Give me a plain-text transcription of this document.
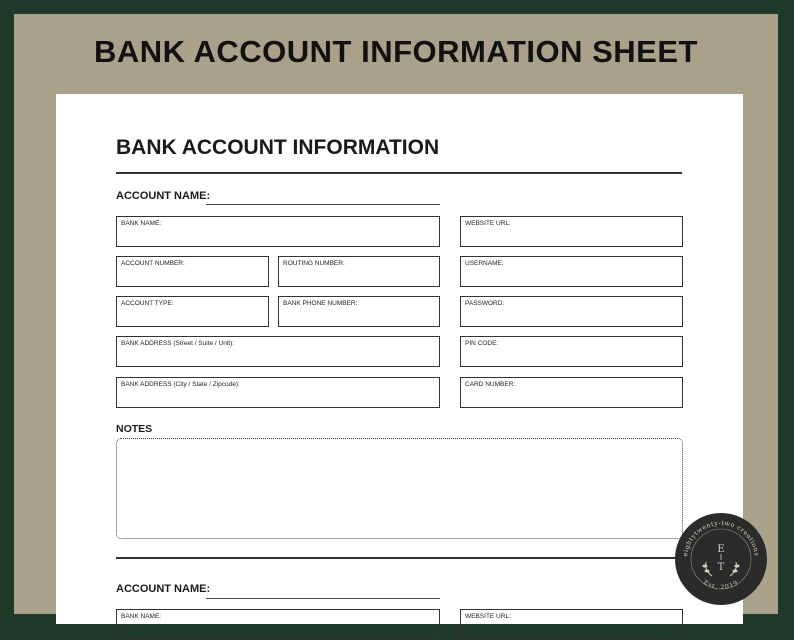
BANK ACCOUNT INFORMATION SHEET
BANK ACCOUNT INFORMATION
ACCOUNT NAME:
BANK NAME:	WEBSITE URL:
ACCOUNT NUMBER:	ROUTING NUMBER:	USERNAME:
ACCOUNT TYPE:	BANK PHONE NUMBER:	PASSWORD:
BANK ADDRESS (Street / Suite / Unit):	PIN CODE:
BANK ADDRESS (City / State / Zipcode):	CARD NUMBER:
NOTES
ACCOUNT NAME:
BANK NAME:	WEBSITE URL:
eightytwenty-two creations
Est. 2019
E
T
